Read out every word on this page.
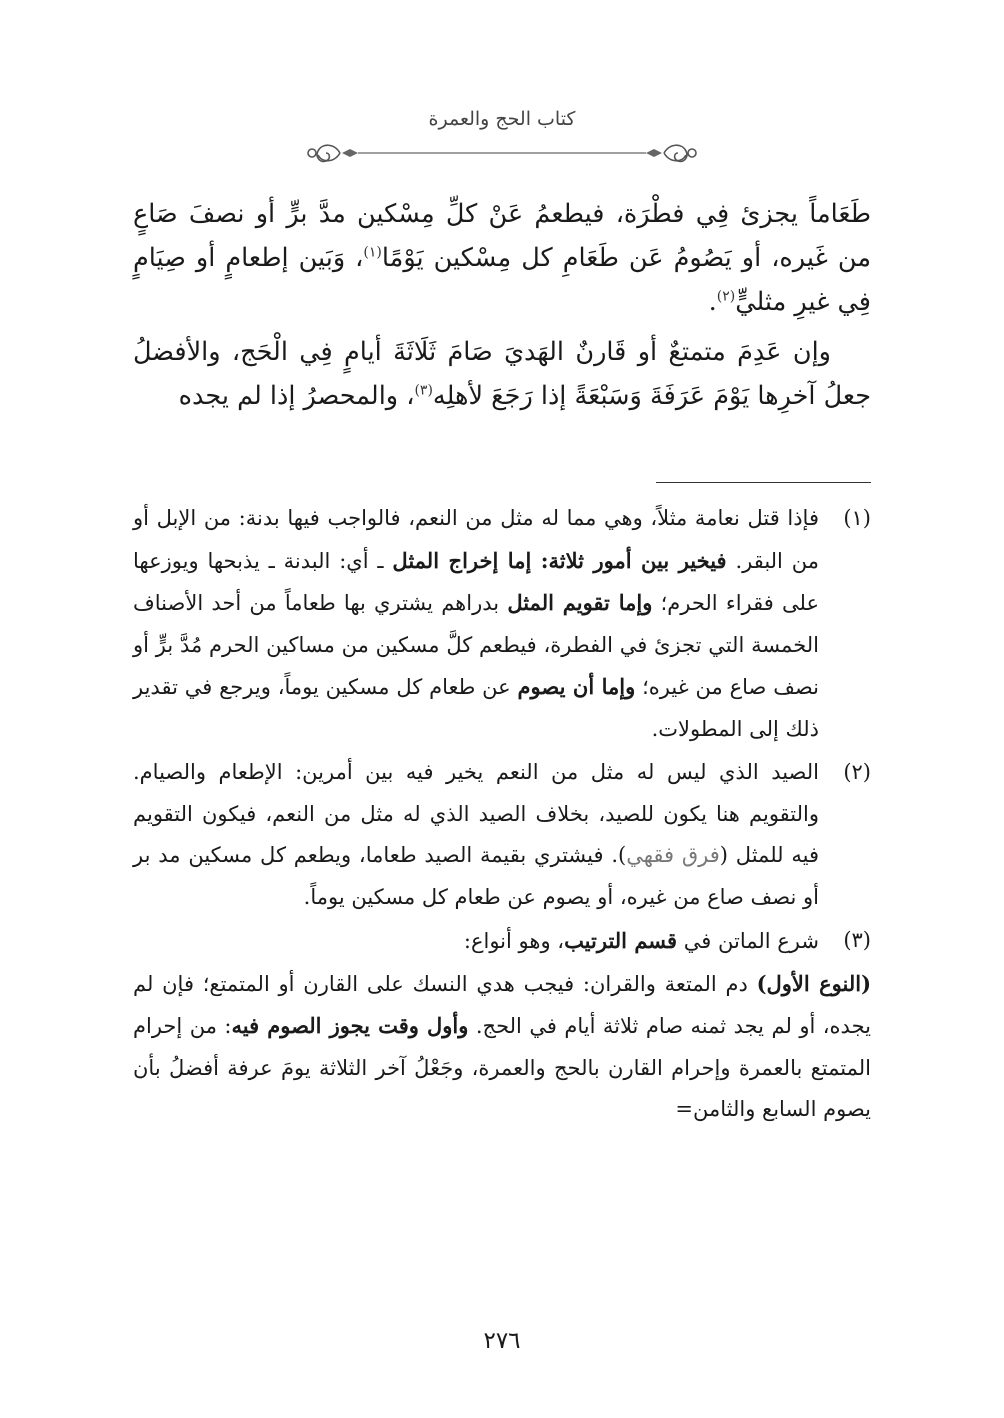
كتاب الحج والعمرة

طَعَاماً يجزئ فِي فطْرَة، فيطعمُ عَنْ كلِّ مِسْكين مدَّ برٍّ أو نصفَ صَاعٍ من غَيره، أو يَصُومُ عَن طَعَامِ كل مِسْكين يَوْمًا$^{(١)}$، وَبَين إطعامٍ أو صِيَامٍ فِي غيرِ مثليٍّ$^{(٢)}$.

وإن عَدِمَ متمتعٌ أو قَارنٌ الهَديَ صَامَ ثَلَاثَةَ أيامٍ فِي الْحَج، والأفضلُ جعلُ آخرِها يَوْمَ عَرَفَةَ وَسَبْعَةً إذا رَجَعَ لأهلِه$^{(٣)}$، والمحصرُ إذا لم يجده

(١)
فإذا قتل نعامة مثلاً، وهي مما له مثل من النعم، فالواجب فيها بدنة: من الإبل أو من البقر. فيخير بين أمور ثلاثة: إما إخراج المثل ـ أي: البدنة ـ يذبحها ويوزعها على فقراء الحرم؛ وإما تقويم المثل بدراهم يشتري بها طعاماً من أحد الأصناف الخمسة التي تجزئ في الفطرة، فيطعم كلَّ مسكين من مساكين الحرم مُدَّ برٍّ أو نصف صاع من غيره؛ وإما أن يصوم عن طعام كل مسكين يوماً، ويرجع في تقدير ذلك إلى المطولات.

(٢)
الصيد الذي ليس له مثل من النعم يخير فيه بين أمرين: الإطعام والصيام. والتقويم هنا يكون للصيد، بخلاف الصيد الذي له مثل من النعم، فيكون التقويم فيه للمثل (فرق فقهي). فيشتري بقيمة الصيد طعاما، ويطعم كل مسكين مد بر أو نصف صاع من غيره، أو يصوم عن طعام كل مسكين يوماً.

(٣)
شرع الماتن في قسم الترتيب، وهو أنواع:

(النوع الأول) دم المتعة والقران: فيجب هدي النسك على القارن أو المتمتع؛ فإن لم يجده، أو لم يجد ثمنه صام ثلاثة أيام في الحج. وأول وقت يجوز الصوم فيه: من إحرام المتمتع بالعمرة وإحرام القارن بالحج والعمرة، وجَعْلُ آخر الثلاثة يومَ عرفة أفضلُ بأن يصوم السابع والثامن=

٢٧٦
